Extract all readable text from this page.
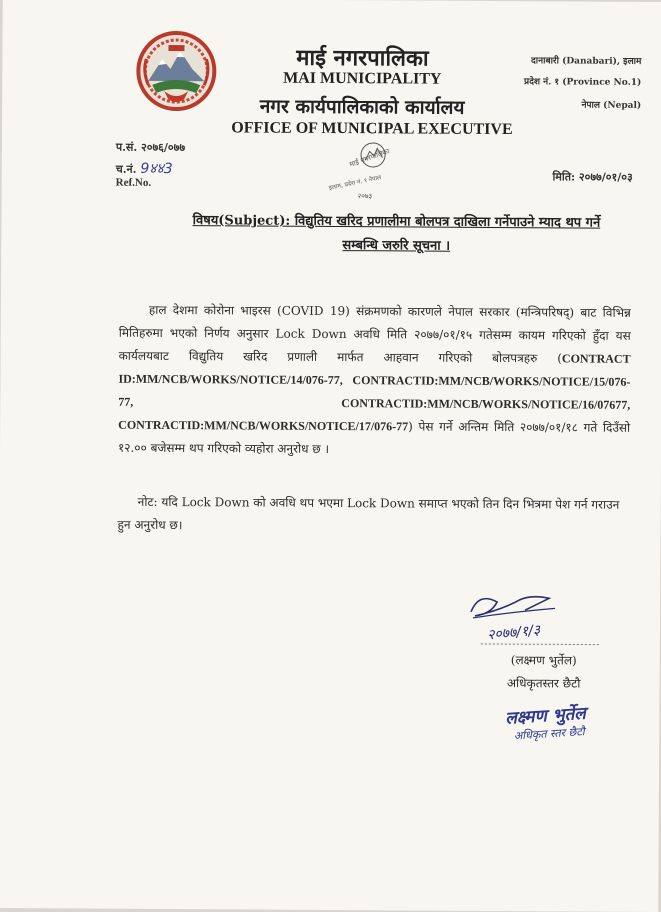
माई नगरपालिका
MAI MUNICIPALITY
नगर कार्यपालिकाको कार्यालय
OFFICE OF MUNICIPAL EXECUTIVE
दानाबारी (Danabari), इलाम
प्रदेश नं. १ (Province No.1)
नेपाल (Nepal)
प.सं. २०७६/०७७
च.नं. 9४४3
Ref.No.
माई नगरपालिका
इलाम, प्रदेश नं. १ नेपाल
२०७३
मिति: २०७७/०१/०३
विषय(Subject): विद्युतिय खरिद प्रणालीमा बोलपत्र दाखिला गर्नेपाउने म्याद थप गर्ने
सम्बन्धि जरुरि सूचना ।
हाल देशमा कोरोना भाइरस (COVID 19) संक्रमणको कारणले नेपाल सरकार (मन्त्रिपरिषद्) बाट विभिन्न मितिहरुमा भएको निर्णय अनुसार Lock Down अवधि मिति २०७७/०१/१५ गतेसम्म कायम गरिएको हुँदा यस कार्यलयबाट विद्युतिय खरिद प्रणाली मार्फत आहवान गरिएको बोलपत्रहरु (CONTRACT ID:MM/NCB/WORKS/NOTICE/14/076-77, CONTRACTID:MM/NCB/WORKS/NOTICE/15/076-77, CONTRACTID:MM/NCB/WORKS/NOTICE/16/07677, CONTRACTID:MM/NCB/WORKS/NOTICE/17/076-77) पेस गर्ने अन्तिम मिति २०७७/०१/१८ गते दिउँसो १२.०० बजेसम्म थप गरिएको व्यहोरा अनुरोध छ ।
नोट: यदि Lock Down को अवधि थप भएमा Lock Down समाप्त भएको तिन दिन भित्रमा पेश गर्न गराउन हुन अनुरोध छ।
२०७७/१/३
(लक्ष्मण भुर्तेल)
अधिकृतस्तर छैटौ
लक्ष्मण भुर्तेल
अधिकृत स्तर छैटौ
